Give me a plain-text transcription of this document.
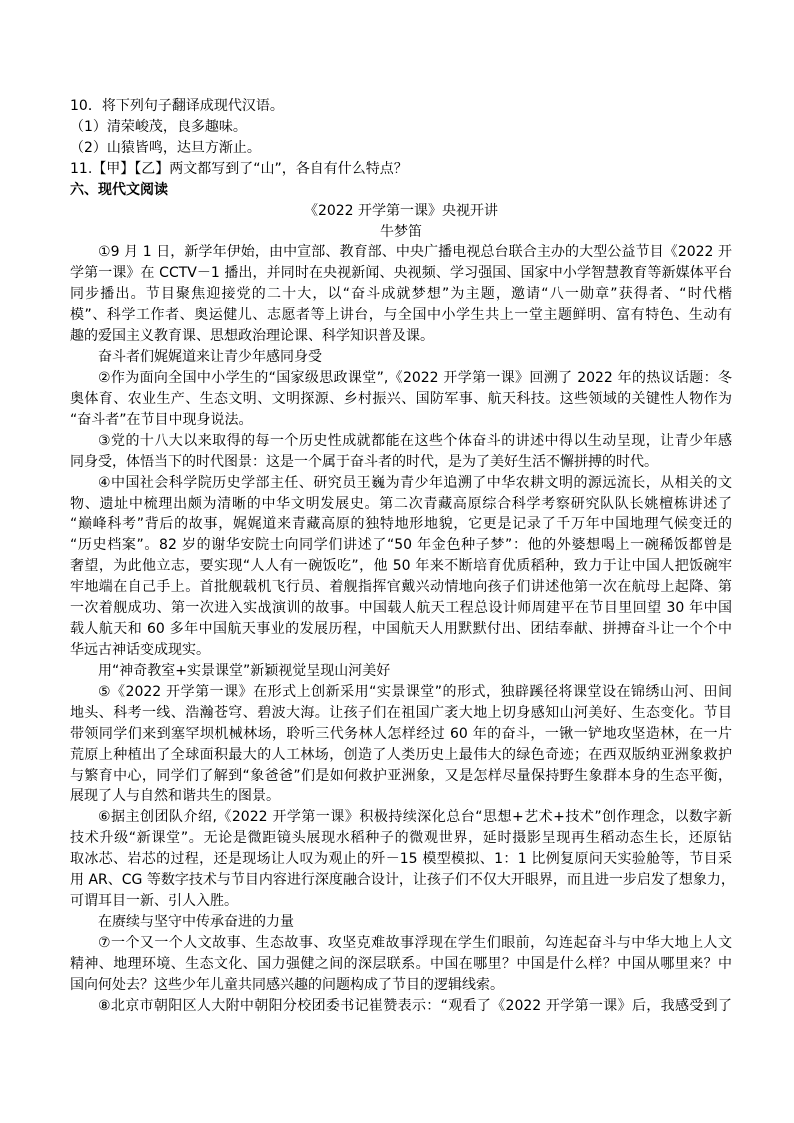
10．将下列句子翻译成现代汉语。
（1）清荣峻茂，良多趣味。
（2）山猿皆鸣，达旦方渐止。
11.【甲】【乙】两文都写到了“山”，各自有什么特点？
六、现代文阅读
《2022 开学第一课》央视开讲
牛梦笛
①9 月 1 日，新学年伊始，由中宣部、教育部、中央广播电视总台联合主办的大型公益节目《2022 开
学第一课》在 CCTV－1 播出，并同时在央视新闻、央视频、学习强国、国家中小学智慧教育等新媒体平台
同步播出。节目聚焦迎接党的二十大，以“奋斗成就梦想”为主题，邀请“八一勋章”获得者、“时代楷
模”、科学工作者、奥运健儿、志愿者等上讲台，与全国中小学生共上一堂主题鲜明、富有特色、生动有
趣的爱国主义教育课、思想政治理论课、科学知识普及课。
奋斗者们娓娓道来让青少年感同身受
②作为面向全国中小学生的“国家级思政课堂”,《2022 开学第一课》回溯了 2022 年的热议话题：冬
奥体育、农业生产、生态文明、文明探源、乡村振兴、国防军事、航天科技。这些领域的关键性人物作为
“奋斗者”在节目中现身说法。
③党的十八大以来取得的每一个历史性成就都能在这些个体奋斗的讲述中得以生动呈现，让青少年感
同身受，体悟当下的时代图景：这是一个属于奋斗者的时代，是为了美好生活不懈拼搏的时代。
④中国社会科学院历史学部主任、研究员王巍为青少年追溯了中华农耕文明的源远流长，从相关的文
物、遗址中梳理出颇为清晰的中华文明发展史。第二次青藏高原综合科学考察研究队队长姚檀栋讲述了
“巅峰科考”背后的故事，娓娓道来青藏高原的独特地形地貌，它更是记录了千万年中国地理气候变迁的
“历史档案”。82 岁的谢华安院士向同学们讲述了“50 年金色种子梦”：他的外婆想喝上一碗稀饭都曾是
奢望，为此他立志，要实现“人人有一碗饭吃”，他 50 年来不断培育优质稻种，致力于让中国人把饭碗牢
牢地端在自己手上。首批舰载机飞行员、着舰指挥官戴兴动情地向孩子们讲述他第一次在航母上起降、第
一次着舰成功、第一次进入实战演训的故事。中国载人航天工程总设计师周建平在节目里回望 30 年中国
载人航天和 60 多年中国航天事业的发展历程，中国航天人用默默付出、团结奉献、拼搏奋斗让一个个中
华远古神话变成现实。
用“神奇教室+实景课堂”新颖视觉呈现山河美好
⑤《2022 开学第一课》在形式上创新采用“实景课堂”的形式，独辟蹊径将课堂设在锦绣山河、田间
地头、科考一线、浩瀚苍穹、碧波大海。让孩子们在祖国广袤大地上切身感知山河美好、生态变化。节目
带领同学们来到塞罕坝机械林场，聆听三代务林人怎样经过 60 年的奋斗，一锹一铲地攻坚造林，在一片
荒原上种植出了全球面积最大的人工林场，创造了人类历史上最伟大的绿色奇迹；在西双版纳亚洲象救护
与繁育中心，同学们了解到“象爸爸”们是如何救护亚洲象，又是怎样尽量保持野生象群本身的生态平衡，
展现了人与自然和谐共生的图景。
⑥据主创团队介绍,《2022 开学第一课》积极持续深化总台“思想+艺术+技术”创作理念，以数字新
技术升级“新课堂”。无论是微距镜头展现水稻种子的微观世界，延时摄影呈现再生稻动态生长，还原钻
取冰芯、岩芯的过程，还是现场让人叹为观止的歼－15 模型模拟、1：1 比例复原问天实验舱等，节目采
用 AR、CG 等数字技术与节目内容进行深度融合设计，让孩子们不仅大开眼界，而且进一步启发了想象力，
可谓耳目一新、引人入胜。
在赓续与坚守中传承奋进的力量
⑦一个又一个人文故事、生态故事、攻坚克难故事浮现在学生们眼前，勾连起奋斗与中华大地上人文
精神、地理环境、生态文化、国力强健之间的深层联系。中国在哪里？中国是什么样？中国从哪里来？中
国向何处去？这些少年儿童共同感兴趣的问题构成了节目的逻辑线索。
⑧北京市朝阳区人大附中朝阳分校团委书记崔赞表示：“观看了《2022 开学第一课》后，我感受到了
